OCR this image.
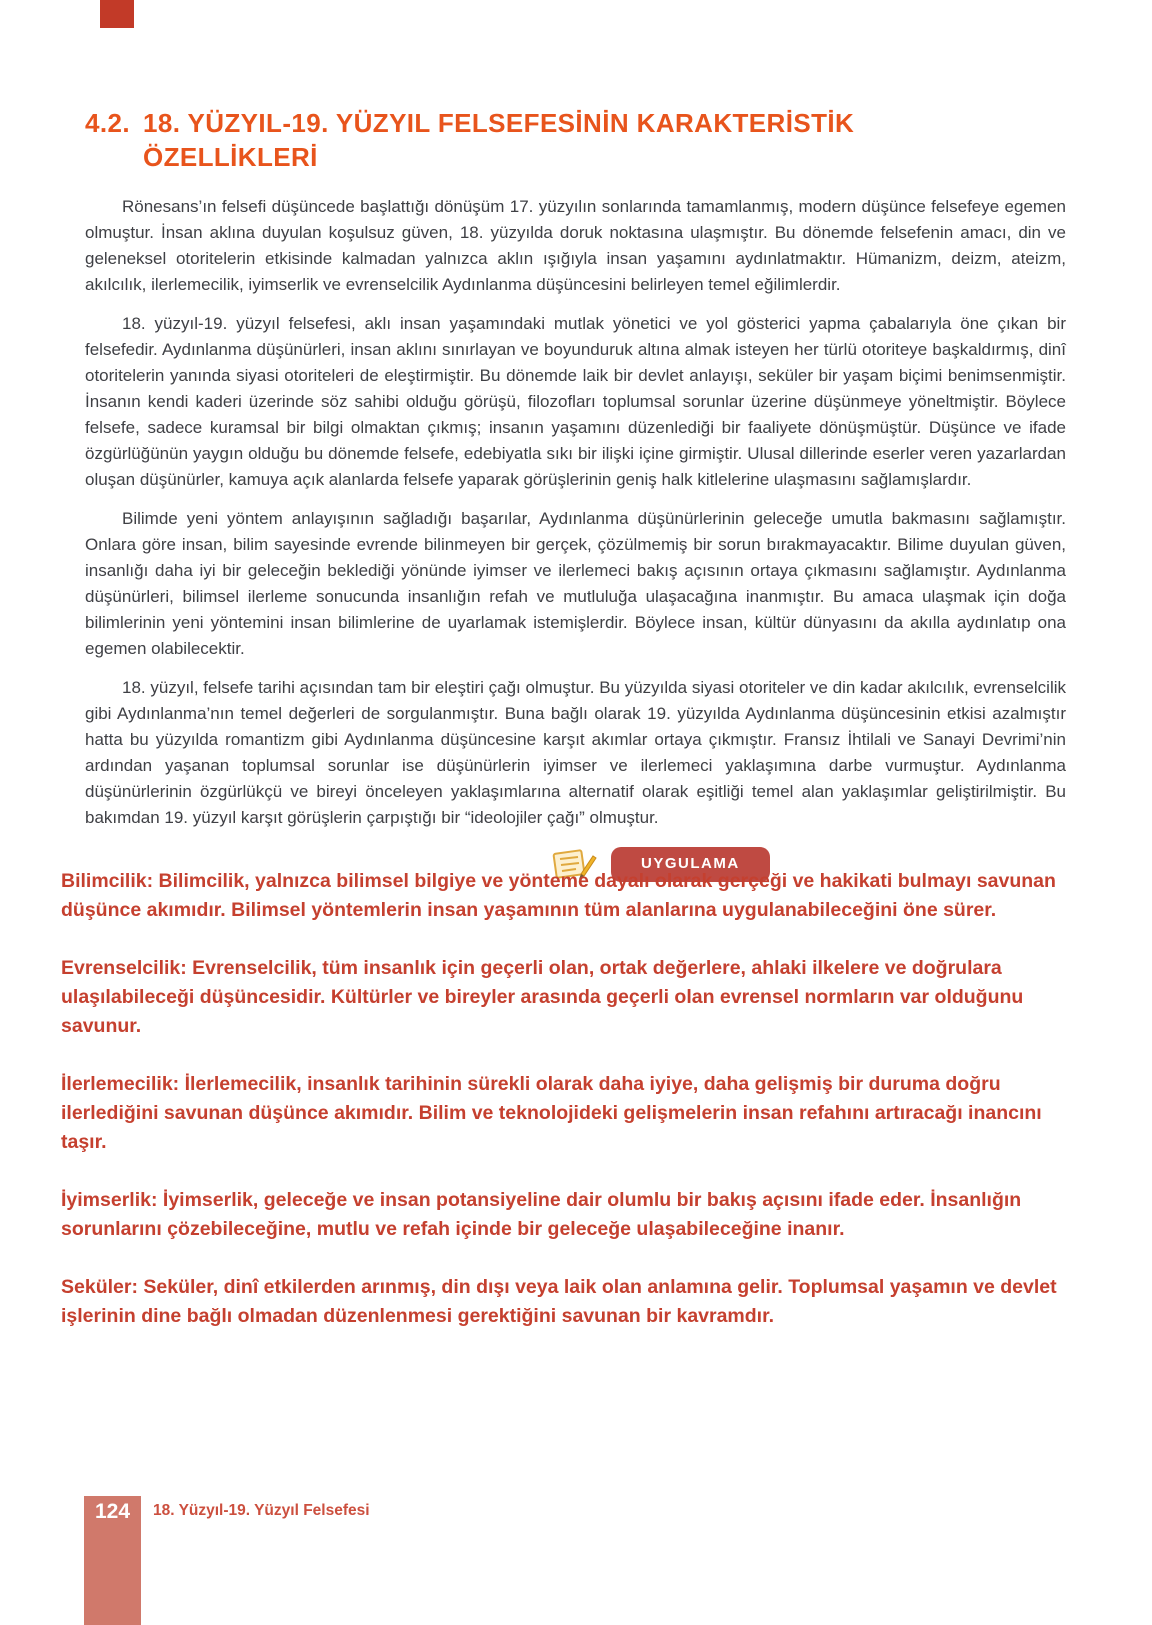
4.2. 18. YÜZYIL-19. YÜZYIL FELSEFESİNİN KARAKTERİSTİK
ÖZELLİKLERİ

Rönesans’ın felsefi düşüncede başlattığı dönüşüm 17. yüzyılın sonlarında tamamlanmış, modern düşünce felsefeye egemen olmuştur. İnsan aklına duyulan koşulsuz güven, 18. yüzyılda doruk noktasına ulaşmıştır. Bu dönemde felsefenin amacı, din ve geleneksel otoritelerin etkisinde kalmadan yalnızca aklın ışığıyla insan yaşamını aydınlatmaktır. Hümanizm, deizm, ateizm, akılcılık, ilerlemecilik, iyimserlik ve evrenselcilik Aydınlanma düşüncesini belirleyen temel eğilimlerdir.

18. yüzyıl-19. yüzyıl felsefesi, aklı insan yaşamındaki mutlak yönetici ve yol gösterici yapma çabalarıyla öne çıkan bir felsefedir. Aydınlanma düşünürleri, insan aklını sınırlayan ve boyunduruk altına almak isteyen her türlü otoriteye başkaldırmış, dinî otoritelerin yanında siyasi otoriteleri de eleştirmiştir. Bu dönemde laik bir devlet anlayışı, seküler bir yaşam biçimi benimsenmiştir. İnsanın kendi kaderi üzerinde söz sahibi olduğu görüşü, filozofları toplumsal sorunlar üzerine düşünmeye yöneltmiştir. Böylece felsefe, sadece kuramsal bir bilgi olmaktan çıkmış; insanın yaşamını düzenlediği bir faaliyete dönüşmüştür. Düşünce ve ifade özgürlüğünün yaygın olduğu bu dönemde felsefe, edebiyatla sıkı bir ilişki içine girmiştir. Ulusal dillerinde eserler veren yazarlardan oluşan düşünürler, kamuya açık alanlarda felsefe yaparak görüşlerinin geniş halk kitlelerine ulaşmasını sağlamışlardır.

Bilimde yeni yöntem anlayışının sağladığı başarılar, Aydınlanma düşünürlerinin geleceğe umutla bakmasını sağlamıştır. Onlara göre insan, bilim sayesinde evrende bilinmeyen bir gerçek, çözülmemiş bir sorun bırakmayacaktır. Bilime duyulan güven, insanlığı daha iyi bir geleceğin beklediği yönünde iyimser ve ilerlemeci bakış açısının ortaya çıkmasını sağlamıştır. Aydınlanma düşünürleri, bilimsel ilerleme sonucunda insanlığın refah ve mutluluğa ulaşacağına inanmıştır. Bu amaca ulaşmak için doğa bilimlerinin yeni yöntemini insan bilimlerine de uyarlamak istemişlerdir. Böylece insan, kültür dünyasını da akılla aydınlatıp ona egemen olabilecektir.

18. yüzyıl, felsefe tarihi açısından tam bir eleştiri çağı olmuştur. Bu yüzyılda siyasi otoriteler ve din kadar akılcılık, evrenselcilik gibi Aydınlanma’nın temel değerleri de sorgulanmıştır. Buna bağlı olarak 19. yüzyılda Aydınlanma düşüncesinin etkisi azalmıştır hatta bu yüzyılda romantizm gibi Aydınlanma düşüncesine karşıt akımlar ortaya çıkmıştır. Fransız İhtilali ve Sanayi Devrimi’nin ardından yaşanan toplumsal sorunlar ise düşünürlerin iyimser ve ilerlemeci yaklaşımına darbe vurmuştur. Aydınlanma düşünürlerinin özgürlükçü ve bireyi önceleyen yaklaşımlarına alternatif olarak eşitliği temel alan yaklaşımlar geliştirilmiştir. Bu bakımdan 19. yüzyıl karşıt görüşlerin çarpıştığı bir “ideolojiler çağı” olmuştur.

UYGULAMA

Bilimcilik: Bilimcilik, yalnızca bilimsel bilgiye ve yönteme dayalı olarak gerçeği ve hakikati bulmayı savunan düşünce akımıdır. Bilimsel yöntemlerin insan yaşamının tüm alanlarına uygulanabileceğini öne sürer.

Evrenselcilik: Evrenselcilik, tüm insanlık için geçerli olan, ortak değerlere, ahlaki ilkelere ve doğrulara ulaşılabileceği düşüncesidir. Kültürler ve bireyler arasında geçerli olan evrensel normların var olduğunu savunur.

İlerlemecilik: İlerlemecilik, insanlık tarihinin sürekli olarak daha iyiye, daha gelişmiş bir duruma doğru ilerlediğini savunan düşünce akımıdır. Bilim ve teknolojideki gelişmelerin insan refahını artıracağı inancını taşır.

İyimserlik: İyimserlik, geleceğe ve insan potansiyeline dair olumlu bir bakış açısını ifade eder. İnsanlığın sorunlarını çözebileceğine, mutlu ve refah içinde bir geleceğe ulaşabileceğine inanır.

Seküler: Seküler, dinî etkilerden arınmış, din dışı veya laik olan anlamına gelir. Toplumsal yaşamın ve devlet işlerinin dine bağlı olmadan düzenlenmesi gerektiğini savunan bir kavramdır.

124	18. Yüzyıl-19. Yüzyıl Felsefesi
